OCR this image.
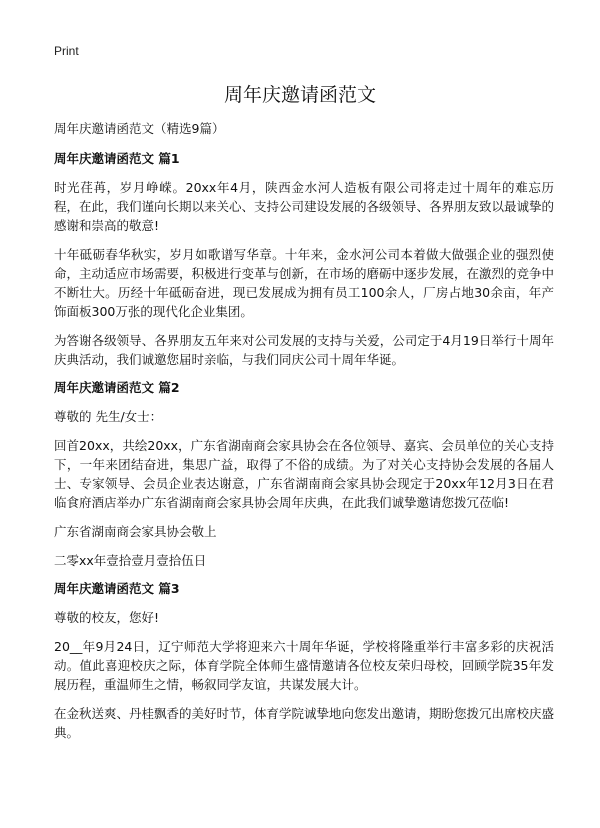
Print
周年庆邀请函范文

周年庆邀请函范文（精选9篇）

周年庆邀请函范文 篇1

时光荏苒，岁月峥嵘。20xx年4月，陕西金水河人造板有限公司将走过十周年的难忘历程，在此，我们谨向长期以来关心、支持公司建设发展的各级领导、各界朋友致以最诚挚的感谢和崇高的敬意!

十年砥砺春华秋实，岁月如歌谱写华章。十年来，金水河公司本着做大做强企业的强烈使命，主动适应市场需要，积极进行变革与创新，在市场的磨砺中逐步发展，在激烈的竞争中不断壮大。历经十年砥砺奋进，现已发展成为拥有员工100余人，厂房占地30余亩，年产饰面板300万张的现代化企业集团。

为答谢各级领导、各界朋友五年来对公司发展的支持与关爱，公司定于4月19日举行十周年庆典活动，我们诚邀您届时亲临，与我们同庆公司十周年华诞。

周年庆邀请函范文 篇2

尊敬的 先生/女士：

回首20xx，共绘20xx，广东省湖南商会家具协会在各位领导、嘉宾、会员单位的关心支持下，一年来团结奋进，集思广益，取得了不俗的成绩。为了对关心支持协会发展的各届人士、专家领导、会员企业表达谢意，广东省湖南商会家具协会现定于20xx年12月3日在君临食府酒店举办广东省湖南商会家具协会周年庆典，在此我们诚挚邀请您拨冗莅临!

广东省湖南商会家具协会敬上

二零xx年壹拾壹月壹拾伍日

周年庆邀请函范文 篇3

尊敬的校友，您好!

20__年9月24日，辽宁师范大学将迎来六十周年华诞，学校将隆重举行丰富多彩的庆祝活动。值此喜迎校庆之际，体育学院全体师生盛情邀请各位校友荣归母校，回顾学院35年发展历程，重温师生之情，畅叙同学友谊，共谋发展大计。

在金秋送爽、丹桂飘香的美好时节，体育学院诚挚地向您发出邀请，期盼您拨冗出席校庆盛典。
